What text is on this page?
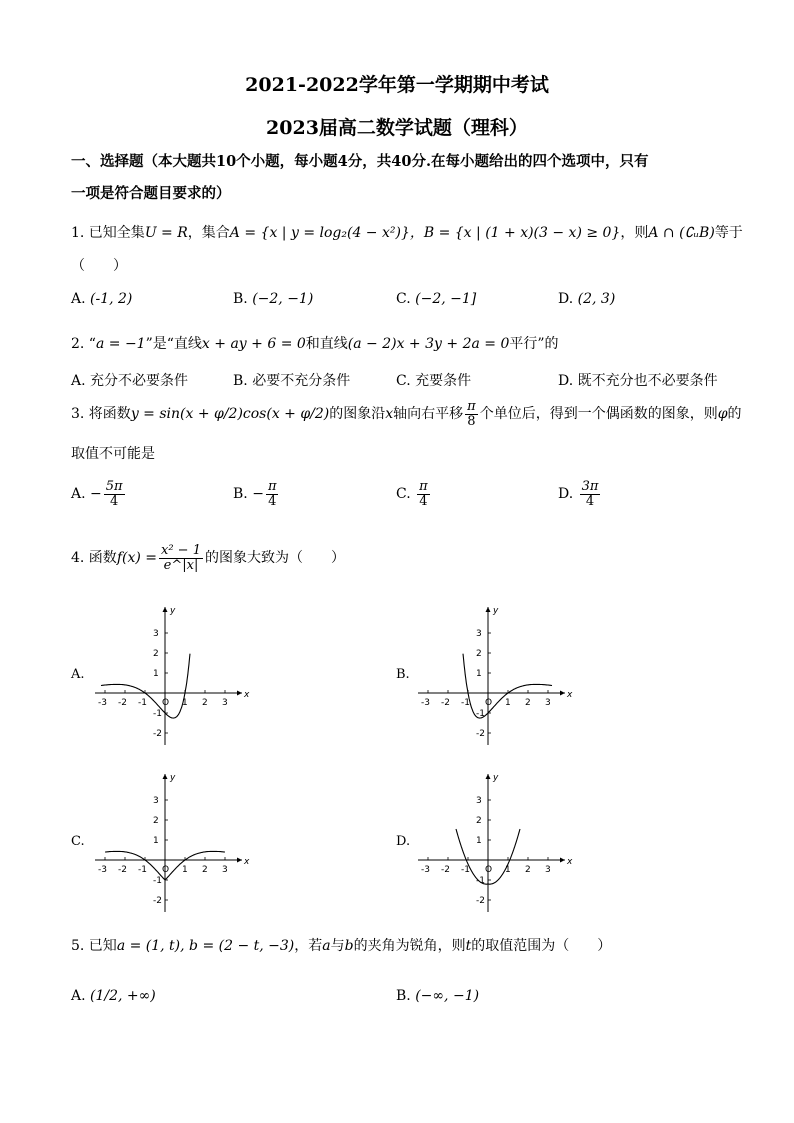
2021-2022学年第一学期期中考试
2023届高二数学试题（理科）
一、选择题（本大题共10个小题，每小题4分，共40分.在每小题给出的四个选项中，只有
一项是符合题目要求的）
1. 已知全集U = R，集合A = {x | y = log₂(4 − x²)}，B = {x | (1 + x)(3 − x) ≥ 0}，则A ∩ (∁ᵤB)等于
（　　）
A. (-1, 2)	B. (−2, −1)	C. (−2, −1]	D. (2, 3)
2. “a = −1”是“直线x + ay + 6 = 0和直线(a − 2)x + 3y + 2a = 0平行”的
A. 充分不必要条件	B. 必要不充分条件	C. 充要条件	D. 既不充分也不必要条件
3. 将函数y = sin(x + φ/2)cos(x + φ/2)的图象沿x轴向右平移 $\frac{\pi}{8}$ 个单位后，得到一个偶函数的图象，则φ的
取值不可能是
A. − $\frac{5\pi}{4}$	B. − $\frac{\pi}{4}$	C. $\frac{\pi}{4}$	D. $\frac{3\pi}{4}$
4. 函数$f(x) = \frac{\text{x² − 1}}{e\^{}|x|}$ 的图象大致为（　　）
A.	B.
C.	D.
-3 -2 -1 O 1 2 3
3
2
1
-1
-2
x
y
-3 -2 -1 O 1 2 3
3
2
1
-1
-2
x
y
-3 -2 -1 O 1 2 3
3
2
1
-1
-2
x
y
-3 -2 -1 O 1 2 3
3
2
1
-1
-2
x
y
5. 已知a = (1, t), b = (2 − t, −3)，若a与b的夹角为锐角，则t的取值范围为（　　）
A. (1/2, +∞)	B. (−∞, −1)
